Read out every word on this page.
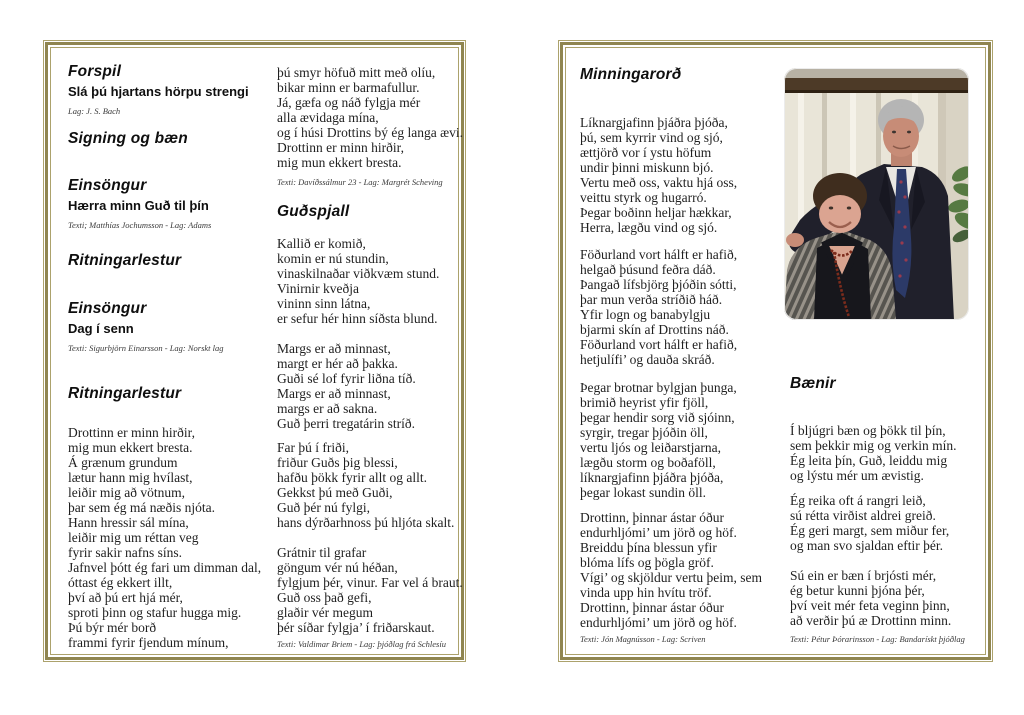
Forspil
Slá þú hjartans hörpu strengi
Lag: J. S. Bach
Signing og bæn
Einsöngur
Hærra minn Guð til þín
Texti; Matthías Jochumsson - Lag: Adams
Ritningarlestur
Einsöngur
Dag í senn
Texti: Sigurbjörn Einarsson - Lag: Norskt lag
Ritningarlestur
Drottinn er minn hirðir,
mig mun ekkert bresta.
Á grænum grundum
lætur hann mig hvílast,
leiðir mig að vötnum,
þar sem ég má næðis njóta.
Hann hressir sál mína,
leiðir mig um réttan veg
fyrir sakir nafns síns.
Jafnvel þótt ég fari um dimman dal,
óttast ég ekkert illt,
því að þú ert hjá mér,
sproti þinn og stafur hugga mig.
Þú býr mér borð
frammi fyrir fjendum mínum,
þú smyr höfuð mitt með olíu,
bikar minn er barmafullur.
Já, gæfa og náð fylgja mér
alla ævidaga mína,
og í húsi Drottins bý ég langa ævi.
Drottinn er minn hirðir,
mig mun ekkert bresta.
Texti: Davíðssálmur 23 - Lag: Margrét Scheving
Guðspjall
Kallið er komið,
komin er nú stundin,
vinaskilnaðar viðkvæm stund.
Vinirnir kveðja
vininn sinn látna,
er sefur hér hinn síðsta blund.
Margs er að minnast,
margt er hér að þakka.
Guði sé lof fyrir liðna tíð.
Margs er að minnast,
margs er að sakna.
Guð þerri tregatárin stríð.
Far þú í friði,
friður Guðs þig blessi,
hafðu þökk fyrir allt og allt.
Gekkst þú með Guði,
Guð þér nú fylgi,
hans dýrðarhnoss þú hljóta skalt.
Grátnir til grafar
göngum vér nú héðan,
fylgjum þér, vinur. Far vel á braut.
Guð oss það gefi,
glaðir vér megum
þér síðar fylgja’ í friðarskaut.
Texti: Valdimar Briem - Lag: þjóðlag frá Schlesíu
Minningarorð
Líknargjafinn þjáðra þjóða,
þú, sem kyrrir vind og sjó,
ættjörð vor í ystu höfum
undir þinni miskunn bjó.
Vertu með oss, vaktu hjá oss,
veittu styrk og hugarró.
Þegar boðinn heljar hækkar,
Herra, lægðu vind og sjó.
Föðurland vort hálft er hafið,
helgað þúsund feðra dáð.
Þangað lífsbjörg þjóðin sótti,
þar mun verða stríðið háð.
Yfir logn og banabylgju
bjarmi skín af Drottins náð.
Föðurland vort hálft er hafið,
hetjulífi’ og dauða skráð.
Þegar brotnar bylgjan þunga,
brimið heyrist yfir fjöll,
þegar hendir sorg við sjóinn,
syrgir, tregar þjóðin öll,
vertu ljós og leiðarstjarna,
lægðu storm og boðaföll,
líknargjafinn þjáðra þjóða,
þegar lokast sundin öll.
Drottinn, þinnar ástar óður
endurhljómi’ um jörð og höf.
Breiddu þína blessun yfir
blóma lífs og þögla gröf.
Vígi’ og skjöldur vertu þeim, sem
vinda upp hin hvítu tröf.
Drottinn, þinnar ástar óður
endurhljómi’ um jörð og höf.
Texti: Jón Magnússon - Lag: Scriven
Bænir
Í bljúgri bæn og þökk til þín,
sem þekkir mig og verkin mín.
Ég leita þín, Guð, leiddu mig
og lýstu mér um ævistig.
Ég reika oft á rangri leið,
sú rétta virðist aldrei greið.
Ég geri margt, sem miður fer,
og man svo sjaldan eftir þér.
Sú ein er bæn í brjósti mér,
ég betur kunni þjóna þér,
því veit mér feta veginn þinn,
að verðir þú æ Drottinn minn.
Texti: Pétur Þórarinsson - Lag: Bandarískt þjóðlag
